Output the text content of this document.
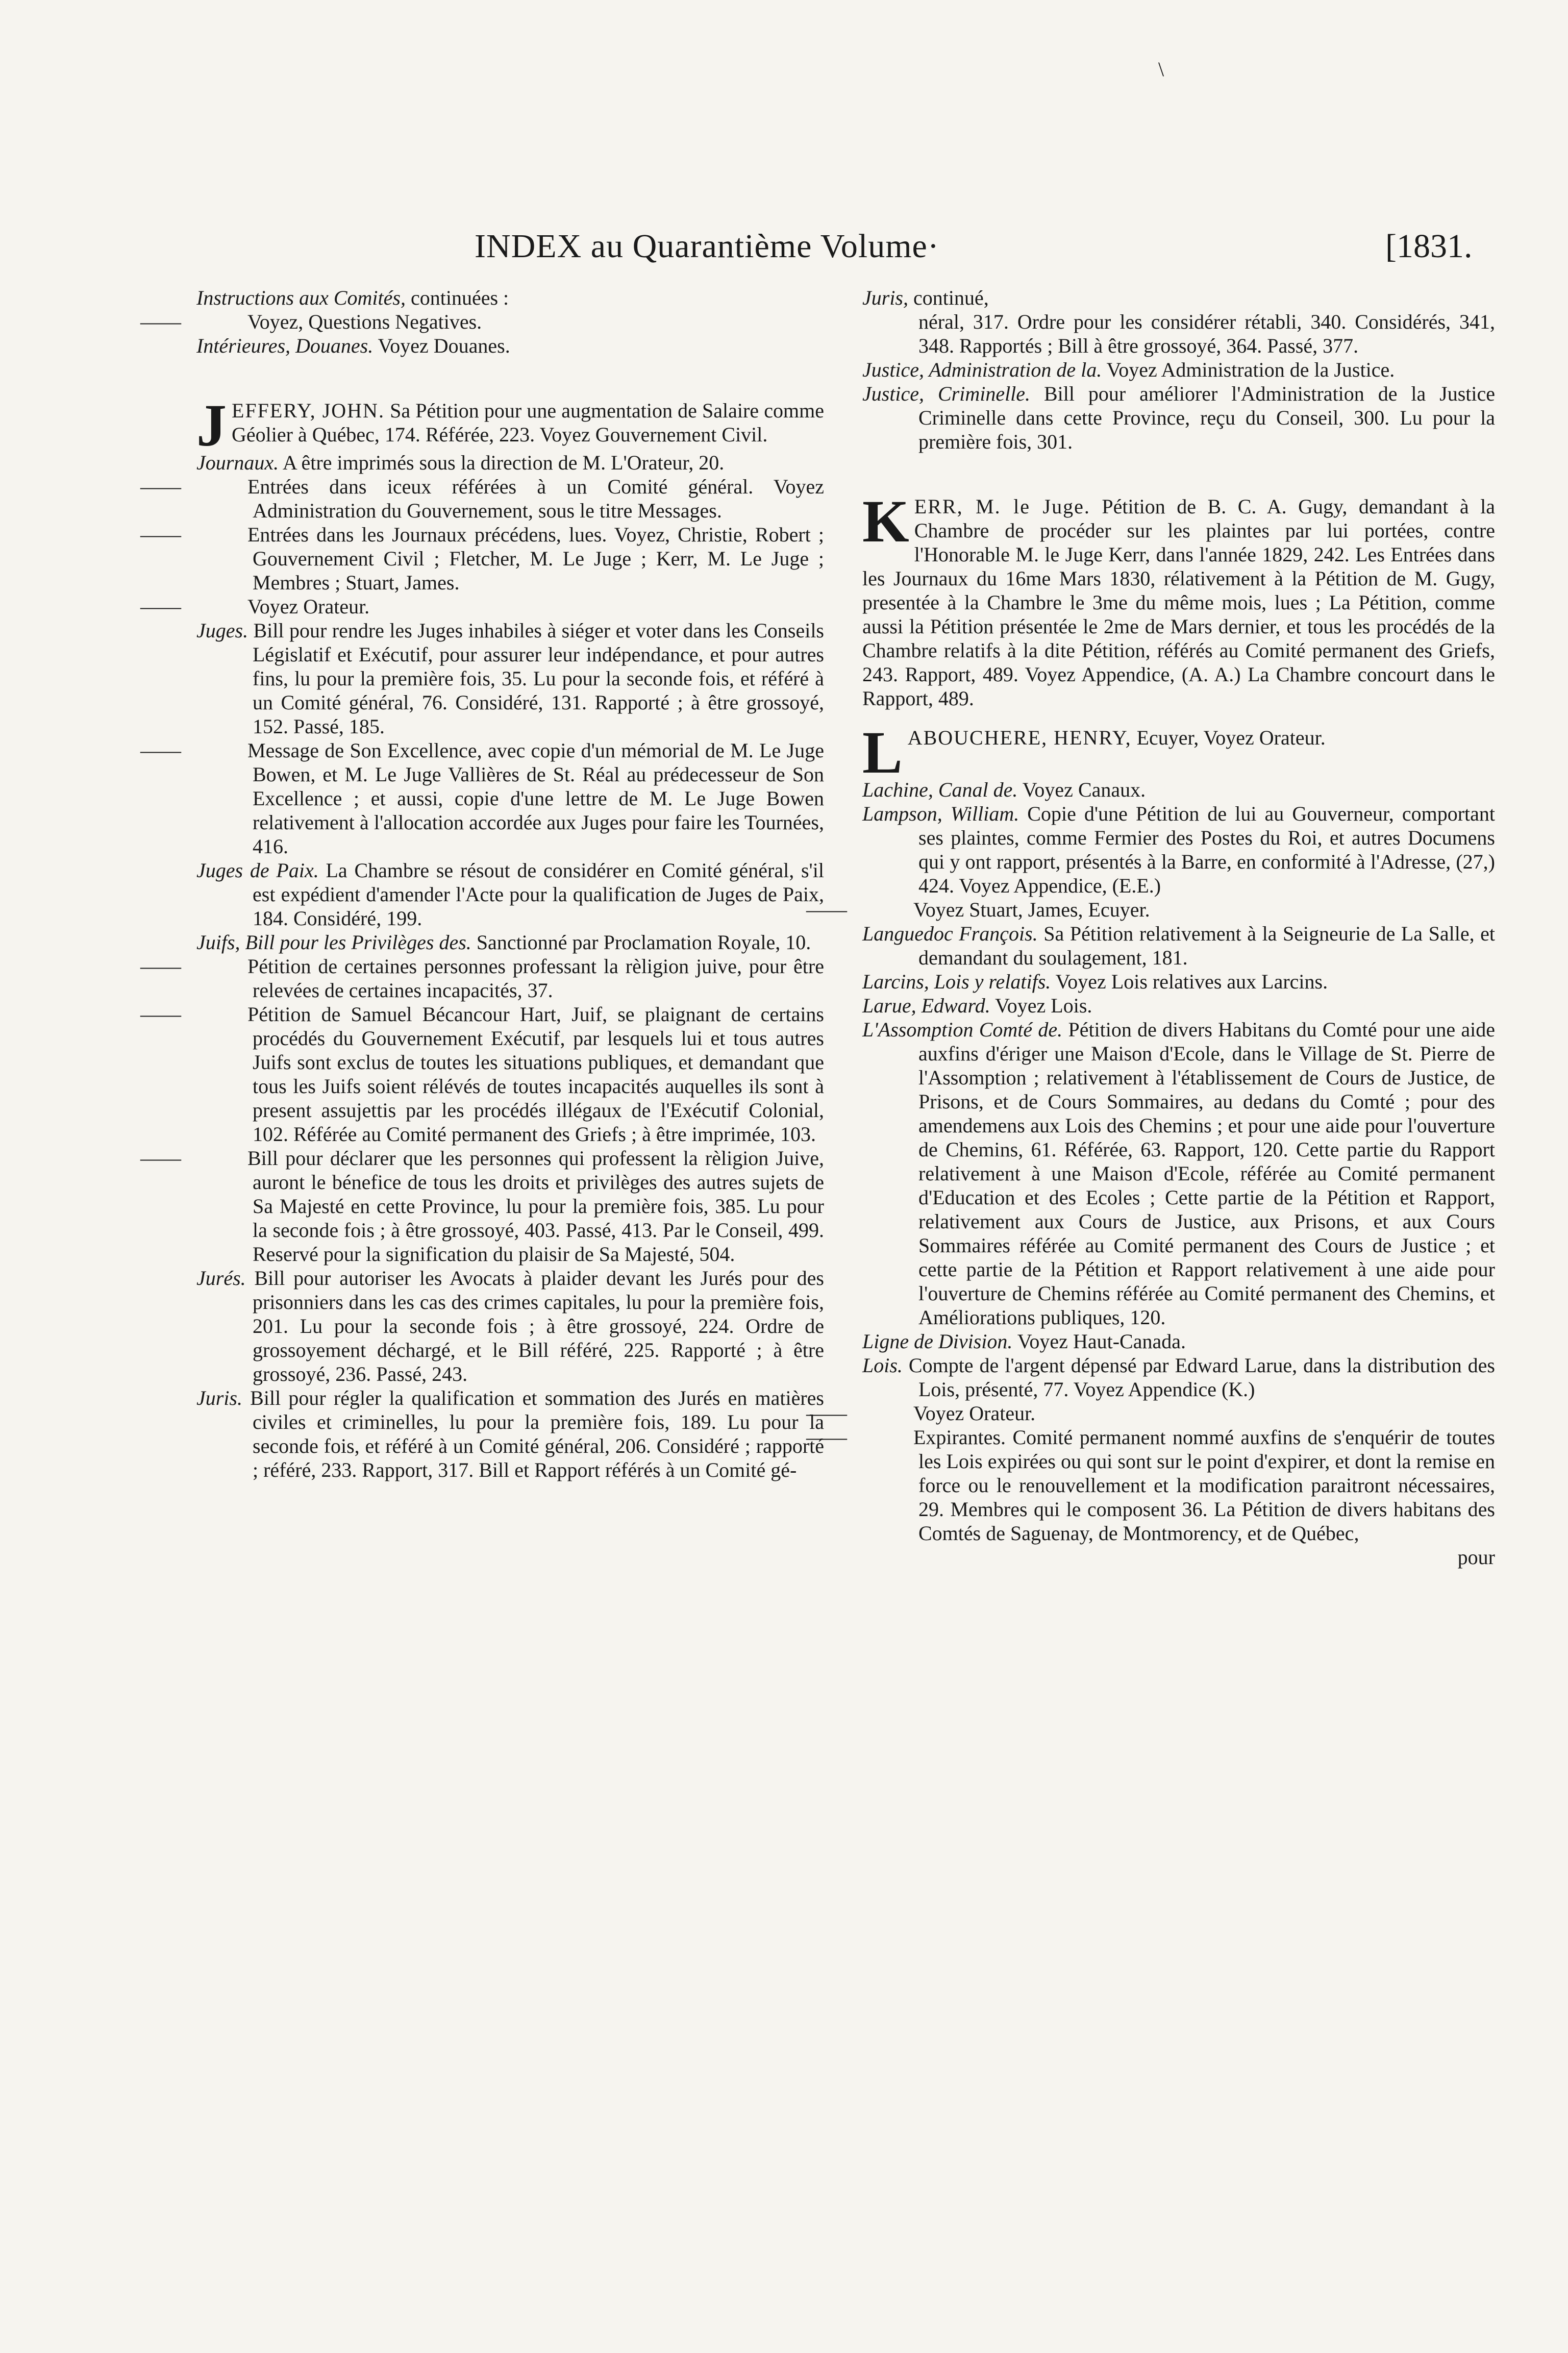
\
INDEX au Quarantième Volume·	[1831.

Instructions aux Comités, continuées :

——	Voyez, Questions Negatives.

Intérieures, Douanes. Voyez Douanes.

JEFFERY, JOHN. Sa Pétition pour une augmentation de Salaire comme Géolier à Québec, 174. Référée, 223. Voyez Gouvernement Civil.

Journaux. A être imprimés sous la direction de M. L'Orateur, 20.

——	Entrées dans iceux référées à un Comité général. Voyez Administration du Gouvernement, sous le titre Messages.

——	Entrées dans les Journaux précédens, lues. Voyez, Christie, Robert ; Gouvernement Civil ; Fletcher, M. Le Juge ; Kerr, M. Le Juge ; Membres ; Stuart, James.

——	Voyez Orateur.

Juges. Bill pour rendre les Juges inhabiles à siéger et voter dans les Conseils Législatif et Exécutif, pour assurer leur indépendance, et pour autres fins, lu pour la première fois, 35. Lu pour la seconde fois, et référé à un Comité général, 76. Considéré, 131. Rapporté ; à être grossoyé, 152. Passé, 185.

——	Message de Son Excellence, avec copie d'un mémorial de M. Le Juge Bowen, et M. Le Juge Vallières de St. Réal au prédecesseur de Son Excellence ; et aussi, copie d'une lettre de M. Le Juge Bowen relativement à l'allocation accordée aux Juges pour faire les Tournées, 416.

Juges de Paix. La Chambre se résout de considérer en Comité général, s'il est expédient d'amender l'Acte pour la qualification de Juges de Paix, 184. Considéré, 199.

Juifs, Bill pour les Privilèges des. Sanctionné par Proclamation Royale, 10.

——	Pétition de certaines personnes professant la rèligion juive, pour être relevées de certaines incapacités, 37.

——	Pétition de Samuel Bécancour Hart, Juif, se plaignant de certains procédés du Gouvernement Exécutif, par lesquels lui et tous autres Juifs sont exclus de toutes les situations publiques, et demandant que tous les Juifs soient rélévés de toutes incapacités auquelles ils sont à present assujettis par les procédés illégaux de l'Exécutif Colonial, 102. Référée au Comité permanent des Griefs ; à être imprimée, 103.

——	Bill pour déclarer que les personnes qui professent la rèligion Juive, auront le bénefice de tous les droits et privilèges des autres sujets de Sa Majesté en cette Province, lu pour la première fois, 385. Lu pour la seconde fois ; à être grossoyé, 403. Passé, 413. Par le Conseil, 499. Reservé pour la signification du plaisir de Sa Majesté, 504.

Jurés. Bill pour autoriser les Avocats à plaider devant les Jurés pour des prisonniers dans les cas des crimes capitales, lu pour la première fois, 201. Lu pour la seconde fois ; à être grossoyé, 224. Ordre de grossoyement déchargé, et le Bill référé, 225. Rapporté ; à être grossoyé, 236. Passé, 243.

Juris. Bill pour régler la qualification et sommation des Jurés en matières civiles et criminelles, lu pour la première fois, 189. Lu pour la seconde fois, et référé à un Comité général, 206. Considéré ; rapporté ; référé, 233. Rapport, 317. Bill et Rapport référés à un Comité gé-

Juris, continué,

néral, 317. Ordre pour les considérer rétabli, 340. Considérés, 341, 348. Rapportés ; Bill à être grossoyé, 364. Passé, 377.

Justice, Administration de la. Voyez Administration de la Justice.

Justice, Criminelle. Bill pour améliorer l'Administration de la Justice Criminelle dans cette Province, reçu du Conseil, 300. Lu pour la première fois, 301.

KERR, M. le Juge. Pétition de B. C. A. Gugy, demandant à la Chambre de procéder sur les plaintes par lui portées, contre l'Honorable M. le Juge Kerr, dans l'année 1829, 242. Les Entrées dans les Journaux du 16me Mars 1830, rélativement à la Pétition de M. Gugy, presentée à la Chambre le 3me du même mois, lues ; La Pétition, comme aussi la Pétition présentée le 2me de Mars dernier, et tous les procédés de la Chambre relatifs à la dite Pétition, référés au Comité permanent des Griefs, 243. Rapport, 489. Voyez Appendice, (A. A.) La Chambre concourt dans le Rapport, 489.

LABOUCHERE, HENRY, Ecuyer, Voyez Orateur.

Lachine, Canal de. Voyez Canaux.

Lampson, William. Copie d'une Pétition de lui au Gouverneur, comportant ses plaintes, comme Fermier des Postes du Roi, et autres Documens qui y ont rapport, présentés à la Barre, en conformité à l'Adresse, (27,) 424. Voyez Appendice, (E.E.)

——	Voyez Stuart, James, Ecuyer.

Languedoc François. Sa Pétition relativement à la Seigneurie de La Salle, et demandant du soulagement, 181.

Larcins, Lois y relatifs. Voyez Lois relatives aux Larcins.

Larue, Edward. Voyez Lois.

L'Assomption Comté de. Pétition de divers Habitans du Comté pour une aide auxfins d'ériger une Maison d'Ecole, dans le Village de St. Pierre de l'Assomption ; relativement à l'établissement de Cours de Justice, de Prisons, et de Cours Sommaires, au dedans du Comté ; pour des amendemens aux Lois des Chemins ; et pour une aide pour l'ouverture de Chemins, 61. Référée, 63. Rapport, 120. Cette partie du Rapport relativement à une Maison d'Ecole, référée au Comité permanent d'Education et des Ecoles ; Cette partie de la Pétition et Rapport, relativement aux Cours de Justice, aux Prisons, et aux Cours Sommaires référée au Comité permanent des Cours de Justice ; et cette partie de la Pétition et Rapport relativement à une aide pour l'ouverture de Chemins référée au Comité permanent des Chemins, et Améliorations publiques, 120.

Ligne de Division. Voyez Haut-Canada.

Lois. Compte de l'argent dépensé par Edward Larue, dans la distribution des Lois, présenté, 77. Voyez Appendice (K.)

——	Voyez Orateur.

——	Expirantes. Comité permanent nommé auxfins de s'enquérir de toutes les Lois expirées ou qui sont sur le point d'expirer, et dont la remise en force ou le renouvellement et la modification paraitront nécessaires, 29. Membres qui le composent 36. La Pétition de divers habitans des Comtés de Saguenay, de Montmorency, et de Québec,

pour
